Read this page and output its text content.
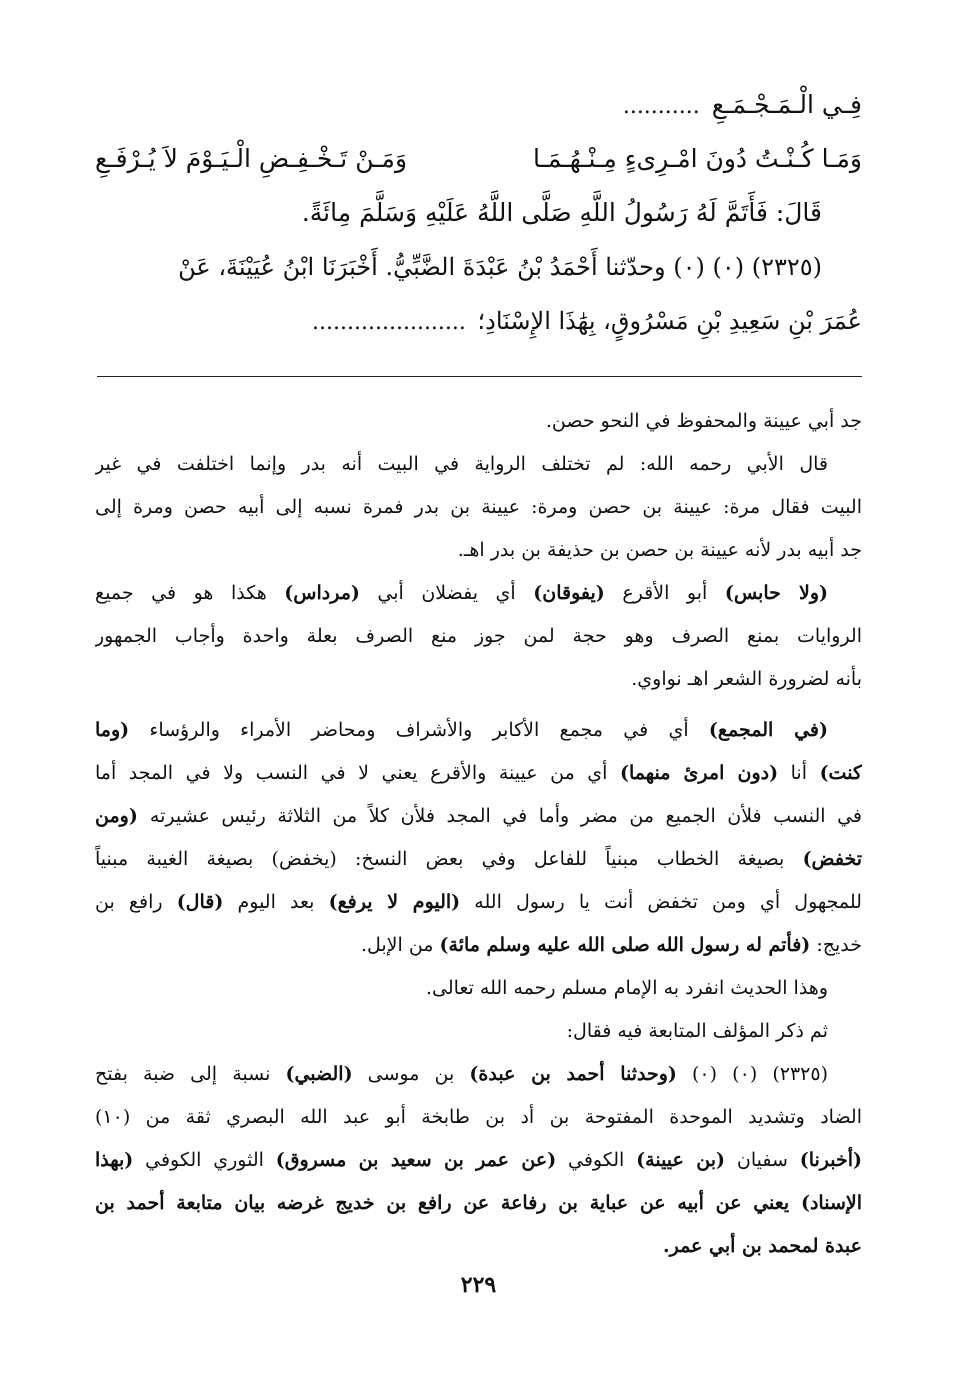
فِـي الْـمَـجْـمَـعِ ...........
وَمَـا كُـنْـتُ دُونَ امْـرِىءٍ مِـنْـهُـمَـا
وَمَـنْ تَـخْـفِـضِ الْـيَـوْمَ لاَ يُـرْفَـعِ
قَالَ: فَأَتَمَّ لَهُ رَسُولُ اللَّهِ صَلَّى اللَّهُ عَلَيْهِ وَسَلَّمَ مِائَةً.
(٢٣٢٥) (٠) (٠) وحدّثنا أَحْمَدُ بْنُ عَبْدَةَ الضَّبِّيُّ. أَخْبَرَنَا ابْنُ عُيَيْنَةَ، عَنْ
عُمَرَ بْنِ سَعِيدِ بْنِ مَسْرُوقٍ، بِهَٰذَا الإِسْنَادِ؛ ......................
جد أبي عيينة والمحفوظ في النحو حصن.
قال الأبي رحمه الله: لم تختلف الرواية في البيت أنه بدر وإنما اختلفت في غير
البيت فقال مرة: عيينة بن حصن ومرة: عيينة بن بدر فمرة نسبه إلى أبيه حصن ومرة إلى
جد أبيه بدر لأنه عيينة بن حصن بن حذيفة بن بدر اهـ.
(ولا حابس) أبو الأقرع (يفوقان) أي يفضلان أبي (مرداس) هكذا هو في جميع
الروايات بمنع الصرف وهو حجة لمن جوز منع الصرف بعلة واحدة وأجاب الجمهور
بأنه لضرورة الشعر اهـ نواوي.
(في المجمع) أي في مجمع الأكابر والأشراف ومحاضر الأمراء والرؤساء (وما
كنت) أنا (دون امرئ منهما) أي من عيينة والأقرع يعني لا في النسب ولا في المجد أما
في النسب فلأن الجميع من مضر وأما في المجد فلأن كلاً من الثلاثة رئيس عشيرته (ومن
تخفض) بصيغة الخطاب مبنياً للفاعل وفي بعض النسخ: (يخفض) بصيغة الغيبة مبنياً
للمجهول أي ومن تخفض أنت يا رسول الله (اليوم لا يرفع) بعد اليوم (قال) رافع بن
خديج: (فأتم له رسول الله صلى الله عليه وسلم مائة) من الإبل.
وهذا الحديث انفرد به الإمام مسلم رحمه الله تعالى.
ثم ذكر المؤلف المتابعة فيه فقال:
(٢٣٢٥) (٠) (٠) (وحدثنا أحمد بن عبدة) بن موسى (الضبي) نسبة إلى ضبة بفتح
الضاد وتشديد الموحدة المفتوحة بن أد بن طابخة أبو عبد الله البصري ثقة من (١٠)
(أخبرنا) سفيان (بن عيينة) الكوفي (عن عمر بن سعيد بن مسروق) الثوري الكوفي (بهذا
الإسناد) يعني عن أبيه عن عباية بن رفاعة عن رافع بن خديج غرضه بيان متابعة أحمد بن
عبدة لمحمد بن أبي عمر.
٢٢٩
